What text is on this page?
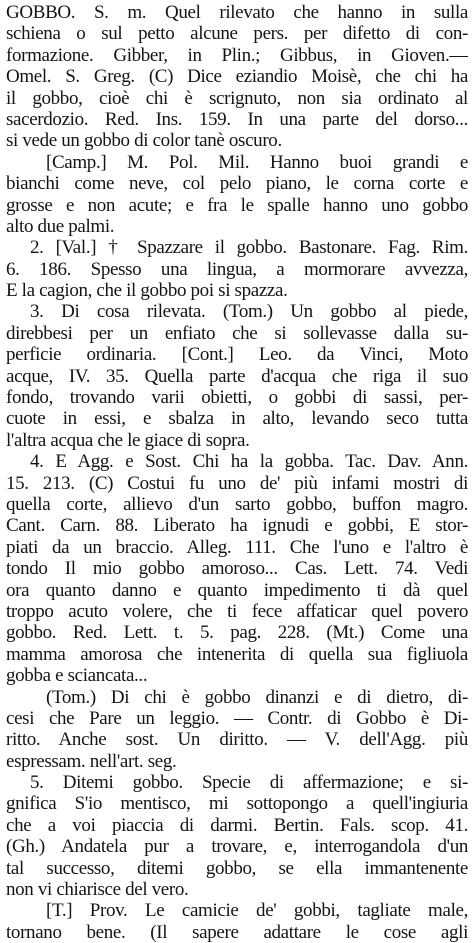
GOBBO. S. m. Quel rilevato che hanno in sulla
schiena o sul petto alcune pers. per difetto di con-
formazione. Gibber, in Plin.; Gibbus, in Gioven.—
Omel. S. Greg. (C) Dice eziandio Moisè, che chi ha
il gobbo, cioè chi è scrignuto, non sia ordinato al
sacerdozio. Red. Ins. 159. In una parte del dorso...
si vede un gobbo di color tanè oscuro.
[Camp.] M. Pol. Mil. Hanno buoi grandi e
bianchi come neve, col pelo piano, le corna corte e
grosse e non acute; e fra le spalle hanno uno gobbo
alto due palmi.
2. [Val.] † Spazzare il gobbo. Bastonare. Fag. Rim.
6. 186. Spesso una lingua, a mormorare avvezza,
E la cagion, che il gobbo poi si spazza.
3. Di cosa rilevata. (Tom.) Un gobbo al piede,
direbbesi per un enfiato che si sollevasse dalla su-
perficie ordinaria. [Cont.] Leo. da Vinci, Moto
acque, IV. 35. Quella parte d'acqua che riga il suo
fondo, trovando varii obietti, o gobbi di sassi, per-
cuote in essi, e sbalza in alto, levando seco tutta
l'altra acqua che le giace di sopra.
4. E Agg. e Sost. Chi ha la gobba. Tac. Dav. Ann.
15. 213. (C) Costui fu uno de' più infami mostri di
quella corte, allievo d'un sarto gobbo, buffon magro.
Cant. Carn. 88. Liberato ha ignudi e gobbi, E stor-
piati da un braccio. Alleg. 111. Che l'uno e l'altro è
tondo Il mio gobbo amoroso... Cas. Lett. 74. Vedi
ora quanto danno e quanto impedimento ti dà quel
troppo acuto volere, che ti fece affaticar quel povero
gobbo. Red. Lett. t. 5. pag. 228. (Mt.) Come una
mamma amorosa che intenerita di quella sua figliuola
gobba e sciancata...
(Tom.) Di chi è gobbo dinanzi e di dietro, di-
cesi che Pare un leggio. — Contr. di Gobbo è Di-
ritto. Anche sost. Un diritto. — V. dell'Agg. più
espressam. nell'art. seg.
5. Ditemi gobbo. Specie di affermazione; e si-
gnifica S'io mentisco, mi sottopongo a quell'ingiuria
che a voi piaccia di darmi. Bertin. Fals. scop. 41.
(Gh.) Andatela pur a trovare, e, interrogandola d'un
tal successo, ditemi gobbo, se ella immantenente
non vi chiarisce del vero.
[T.] Prov. Le camicie de' gobbi, tagliate male,
tornano bene. (Il sapere adattare le cose agli
